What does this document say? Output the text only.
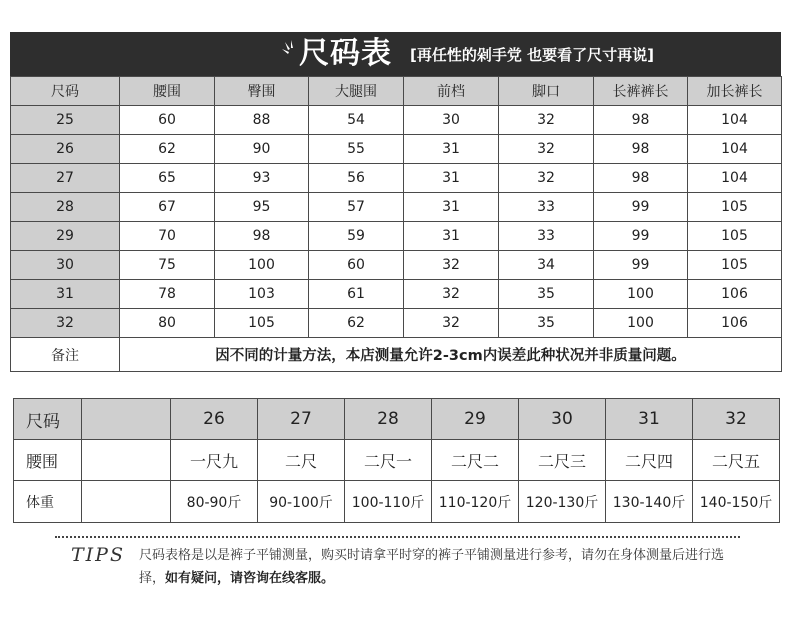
尺码表 [再任性的剁手党 也要看了尺寸再说]
尺码	腰围	臀围	大腿围	前档	脚口	长裤裤长	加长裤长
25	60	88	54	30	32	98	104
26	62	90	55	31	32	98	104
27	65	93	56	31	32	98	104
28	67	95	57	31	33	99	105
29	70	98	59	31	33	99	105
30	75	100	60	32	34	99	105
31	78	103	61	32	35	100	106
32	80	105	62	32	35	100	106
备注	因不同的计量方法，本店测量允许2-3cm内误差此种状况并非质量问题。						
尺码		26	27	28	29	30	31	32
腰围		一尺九	二尺	二尺一	二尺二	二尺三	二尺四	二尺五
体重		80-90斤	90-100斤	100-110斤	110-120斤	120-130斤	130-140斤	140-150斤
TIPS 尺码表格是以是裤子平铺测量，购买时请拿平时穿的裤子平铺测量进行参考，请勿在身体测量后进行选择，如有疑问，请咨询在线客服。
